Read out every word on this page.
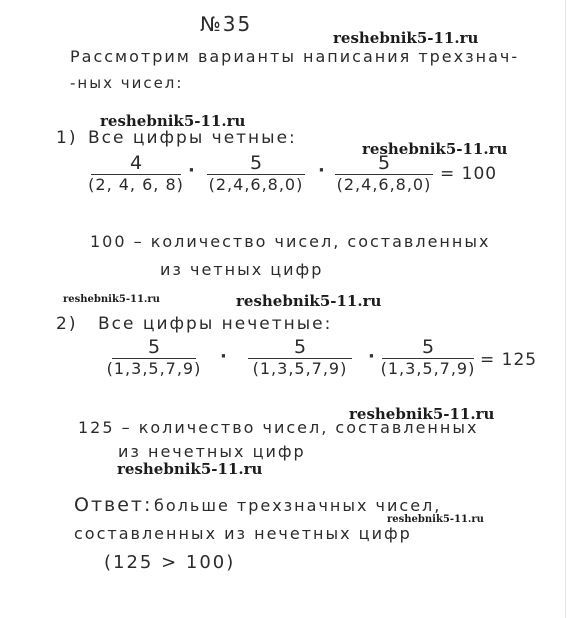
№35
reshebnik5-11.ru
reshebnik5-11.ru
reshebnik5-11.ru
reshebnik5-11.ru	reshebnik5-11.ru
reshebnik5-11.ru
reshebnik5-11.ru
reshebnik5-11.ru
Рассмотрим варианты написания трехзнач-
-ных чисел:
1) Все цифры четные:
4
(2, 4, 6, 8)
·	5
(2,4,6,8,0)
·	5
(2,4,6,8,0)
= 100
100 – количество чисел, составленных
из четных цифр
2) Все цифры нечетные:
5
(1,3,5,7,9)
·	5
(1,3,5,7,9)
·	5
(1,3,5,7,9) = 125
125 – количество чисел, составленных
из нечетных цифр
Ответ: больше трехзначных чисел,
составленных из нечетных цифр
(125 > 100)
